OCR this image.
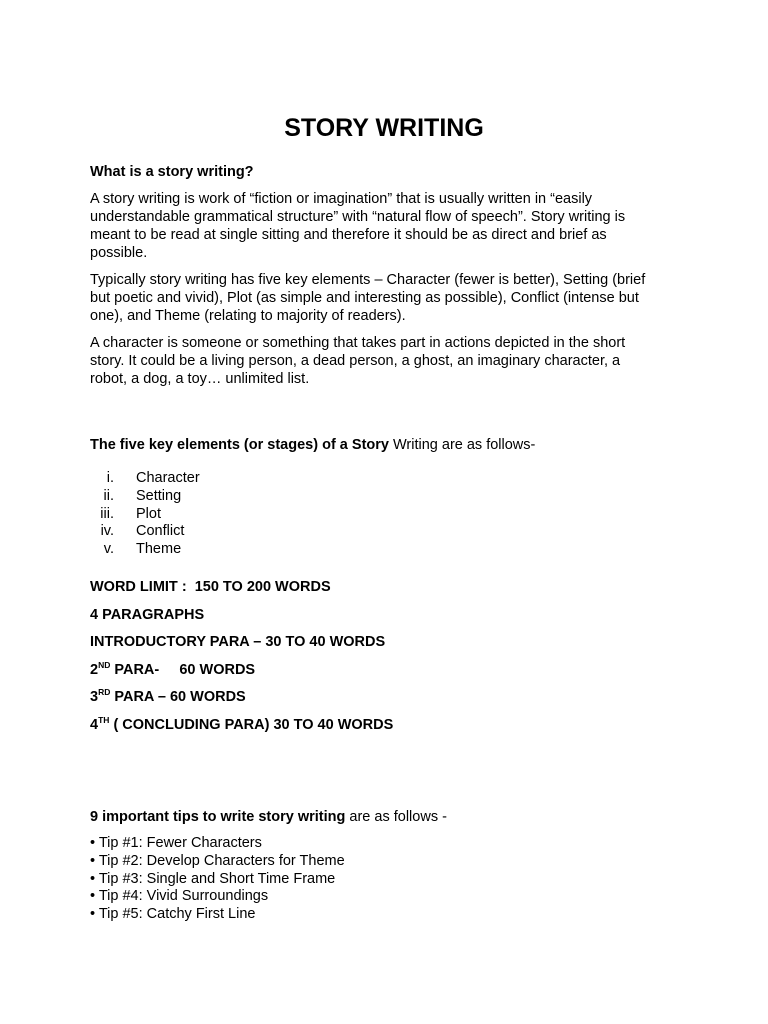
STORY WRITING

What is a story writing?

A story writing is work of “fiction or imagination” that is usually written in “easily understandable grammatical structure” with “natural flow of speech”. Story writing is meant to be read at single sitting and therefore it should be as direct and brief as possible.

Typically story writing has five key elements – Character (fewer is better), Setting (brief but poetic and vivid), Plot (as simple and interesting as possible), Conflict (intense but one), and Theme (relating to majority of readers).

A character is someone or something that takes part in actions depicted in the short story. It could be a living person, a dead person, a ghost, an imaginary character, a robot, a dog, a toy… unlimited list.

The five key elements (or stages) of a Story Writing are as follows-

i. Character
ii. Setting
iii. Plot
iv. Conflict
v. Theme
WORD LIMIT :  150 TO 200 WORDS
4 PARAGRAPHS
INTRODUCTORY PARA – 30 TO 40 WORDS
2ND PARA-     60 WORDS
3RD PARA – 60 WORDS
4TH ( CONCLUDING PARA) 30 TO 40 WORDS

9 important tips to write story writing are as follows -

• Tip #1: Fewer Characters
• Tip #2: Develop Characters for Theme
• Tip #3: Single and Short Time Frame
• Tip #4: Vivid Surroundings
• Tip #5: Catchy First Line
